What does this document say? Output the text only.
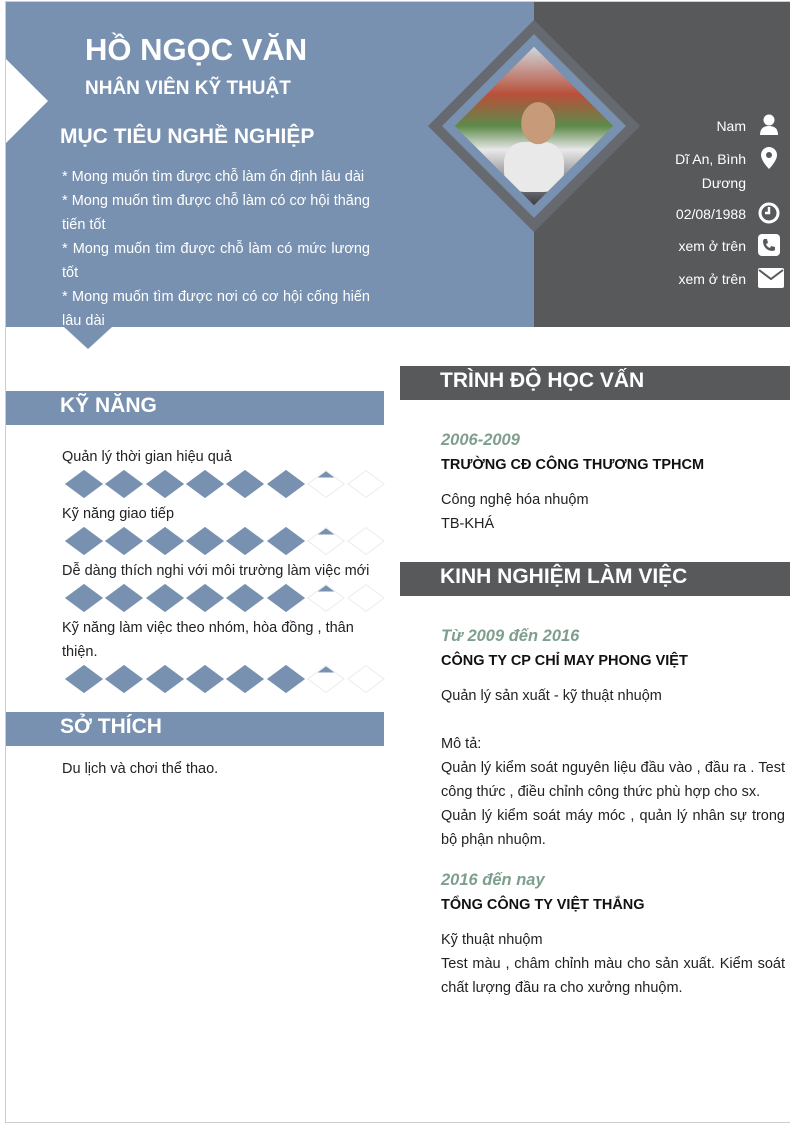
HỒ NGỌC VĂN
NHÂN VIÊN KỸ THUẬT
MỤC TIÊU NGHỀ NGHIỆP
* Mong muốn tìm được chỗ làm ổn định lâu dài
* Mong muốn tìm được chỗ làm có cơ hội thăng tiến tốt
* Mong muốn tìm được chỗ làm có mức lương tốt
* Mong muốn tìm được nơi có cơ hội cống hiến lâu dài
Nam
Dĩ An, Bình Dương
02/08/1988
xem ở trên
xem ở trên
KỸ NĂNG
Quản lý thời gian hiệu quả
Kỹ năng giao tiếp
Dễ dàng thích nghi với môi trường làm việc mới
Kỹ năng làm việc theo nhóm, hòa đồng , thân thiện.
SỞ THÍCH
Du lịch và chơi thể thao.
TRÌNH ĐỘ HỌC VẤN
2006-2009
TRƯỜNG CĐ CÔNG THƯƠNG TPHCM
Công nghệ hóa nhuộm
TB-KHÁ
KINH NGHIỆM LÀM VIỆC
Từ 2009 đến 2016
CÔNG TY CP CHỈ MAY PHONG VIỆT
Quản lý sản xuất - kỹ thuật nhuộm
Mô tả:
Quản lý kiểm soát nguyên liệu đầu vào , đầu ra . Test công thức , điều chỉnh công thức phù hợp cho sx.
Quản lý kiểm soát máy móc , quản lý nhân sự trong bộ phận nhuộm.
2016 đến nay
TỔNG CÔNG TY VIỆT THẮNG
Kỹ thuật nhuộm
Test màu , châm chỉnh màu cho sản xuất. Kiểm soát chất lượng đầu ra cho xưởng nhuộm.
